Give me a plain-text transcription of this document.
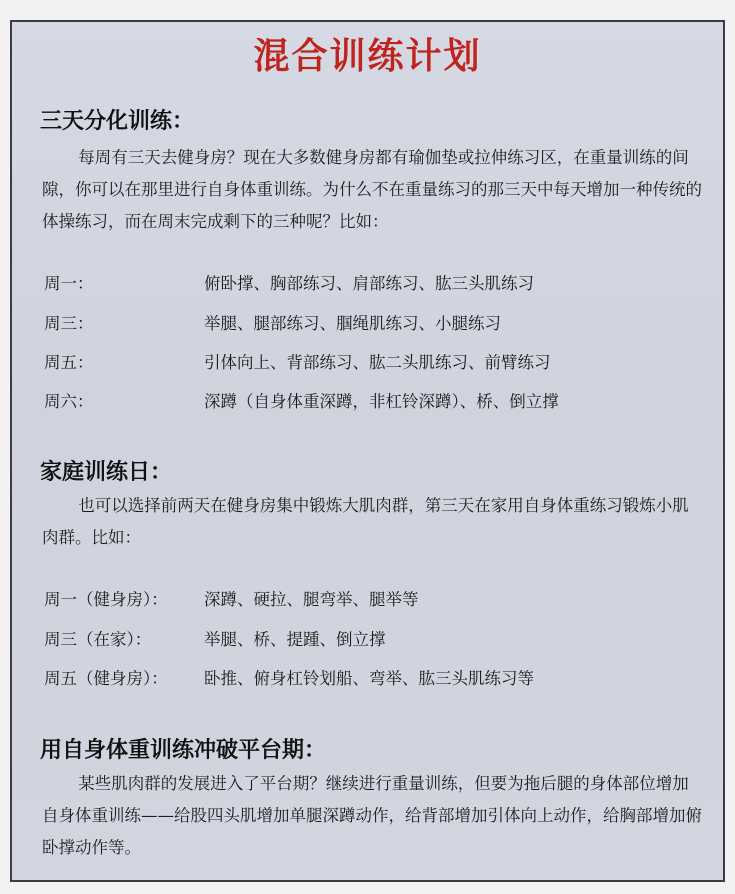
混合训练计划
三天分化训练：
每周有三天去健身房？现在大多数健身房都有瑜伽垫或拉伸练习区，在重量训练的间隙，你可以在那里进行自身体重训练。为什么不在重量练习的那三天中每天增加一种传统的体操练习，而在周末完成剩下的三种呢？比如：
周一：	俯卧撑、胸部练习、肩部练习、肱三头肌练习
周三：	举腿、腿部练习、腘绳肌练习、小腿练习
周五：	引体向上、背部练习、肱二头肌练习、前臂练习
周六：	深蹲（自身体重深蹲，非杠铃深蹲）、桥、倒立撑
家庭训练日：
也可以选择前两天在健身房集中锻炼大肌肉群，第三天在家用自身体重练习锻炼小肌肉群。比如：
周一（健身房）： 深蹲、硬拉、腿弯举、腿举等
周三（在家）：	举腿、桥、提踵、倒立撑
周五（健身房）： 卧推、俯身杠铃划船、弯举、肱三头肌练习等
用自身体重训练冲破平台期：
某些肌肉群的发展进入了平台期？继续进行重量训练，但要为拖后腿的身体部位增加自身体重训练——给股四头肌增加单腿深蹲动作，给背部增加引体向上动作，给胸部增加俯卧撑动作等。
